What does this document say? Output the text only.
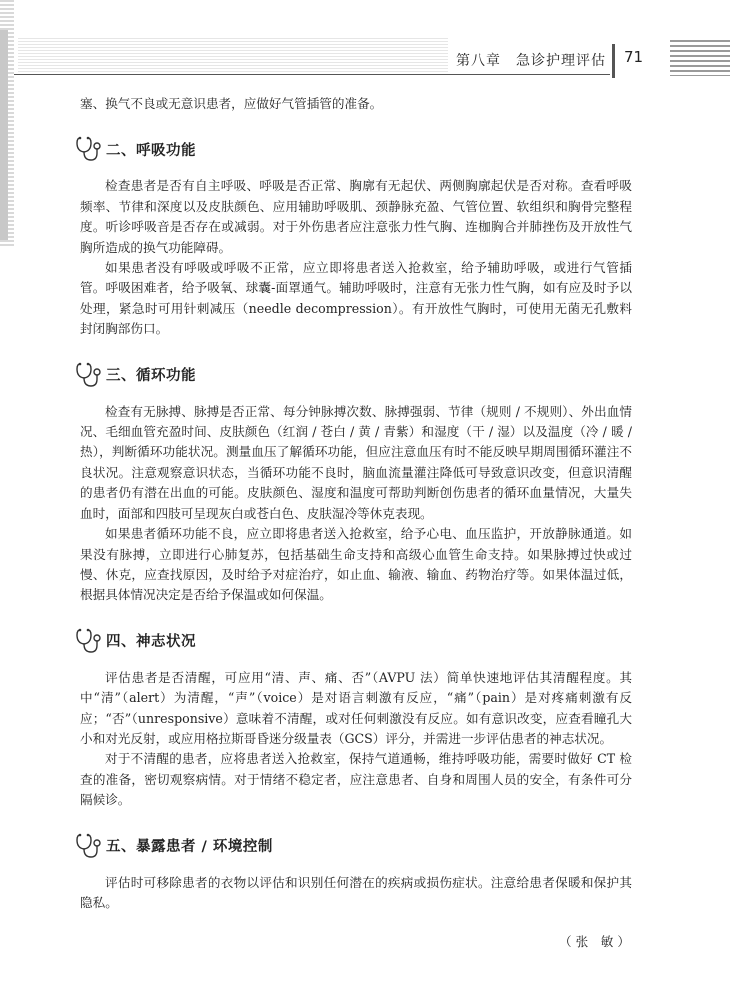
第八章　急诊护理评估 71

塞、换气不良或无意识患者，应做好气管插管的准备。

二、呼吸功能

检查患者是否有自主呼吸、呼吸是否正常、胸廓有无起伏、两侧胸廓起伏是否对称。查看呼吸频率、节律和深度以及皮肤颜色、应用辅助呼吸肌、颈静脉充盈、气管位置、软组织和胸骨完整程度。听诊呼吸音是否存在或减弱。对于外伤患者应注意张力性气胸、连枷胸合并肺挫伤及开放性气胸所造成的换气功能障碍。

如果患者没有呼吸或呼吸不正常，应立即将患者送入抢救室，给予辅助呼吸，或进行气管插管。呼吸困难者，给予吸氧、球囊-面罩通气。辅助呼吸时，注意有无张力性气胸，如有应及时予以处理，紧急时可用针刺减压（needle decompression）。有开放性气胸时，可使用无菌无孔敷料封闭胸部伤口。

三、循环功能

检查有无脉搏、脉搏是否正常、每分钟脉搏次数、脉搏强弱、节律（规则 / 不规则）、外出血情况、毛细血管充盈时间、皮肤颜色（红润 / 苍白 / 黄 / 青紫）和湿度（干 / 湿）以及温度（冷 / 暖 / 热），判断循环功能状况。测量血压了解循环功能，但应注意血压有时不能反映早期周围循环灌注不良状况。注意观察意识状态，当循环功能不良时，脑血流量灌注降低可导致意识改变，但意识清醒的患者仍有潜在出血的可能。皮肤颜色、湿度和温度可帮助判断创伤患者的循环血量情况，大量失血时，面部和四肢可呈现灰白或苍白色、皮肤湿冷等休克表现。

如果患者循环功能不良，应立即将患者送入抢救室，给予心电、血压监护，开放静脉通道。如果没有脉搏，立即进行心肺复苏，包括基础生命支持和高级心血管生命支持。如果脉搏过快或过慢、休克，应查找原因，及时给予对症治疗，如止血、输液、输血、药物治疗等。如果体温过低，根据具体情况决定是否给予保温或如何保温。

四、神志状况

评估患者是否清醒，可应用“清、声、痛、否”（AVPU 法）简单快速地评估其清醒程度。其中“清”（alert）为清醒，“声”（voice）是对语言刺激有反应，“痛”（pain）是对疼痛刺激有反应；“否”（unresponsive）意味着不清醒，或对任何刺激没有反应。如有意识改变，应查看瞳孔大小和对光反射，或应用格拉斯哥昏迷分级量表（GCS）评分，并需进一步评估患者的神志状况。

对于不清醒的患者，应将患者送入抢救室，保持气道通畅，维持呼吸功能，需要时做好 CT 检查的准备，密切观察病情。对于情绪不稳定者，应注意患者、自身和周围人员的安全，有条件可分隔候诊。

五、暴露患者 / 环境控制

评估时可移除患者的衣物以评估和识别任何潜在的疾病或损伤症状。注意给患者保暖和保护其隐私。

（ 张　敏 ）
